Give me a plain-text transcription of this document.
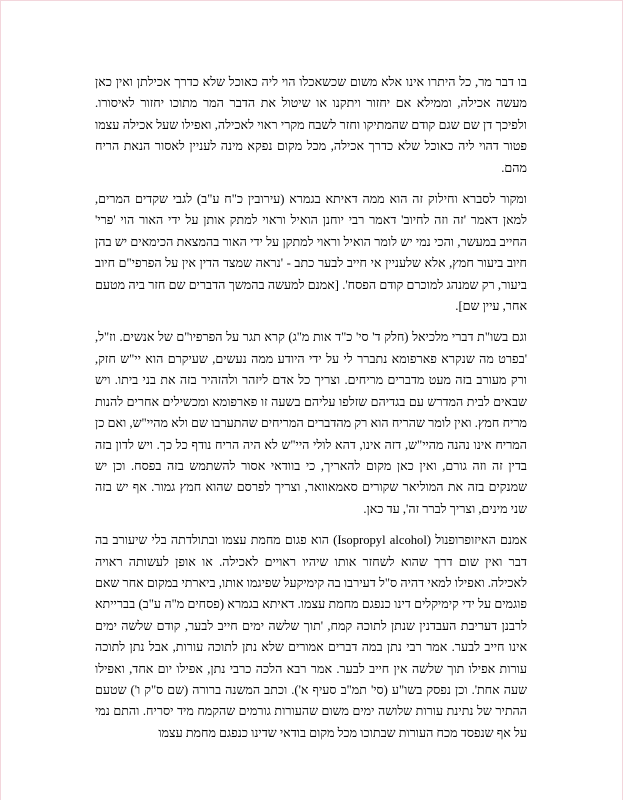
בו דבר מר, כל היתרו אינו אלא משום שכשאכלו הוי ליה כאוכל שלא כדרך אכילתן ואין כאן מעשה אכילה, וממילא אם יחזור ויתקנו או שיטול את הדבר המר מתוכו יחזור לאיסורו. ולפיכך דן שם שגם קודם שהמתיקו וחזר לשבח מקרי ראוי לאכילה, ואפילו שעל אכילה עצמו פטור דהוי ליה כאוכל שלא כדרך אכילה, מכל מקום נפקא מינה לעניין לאסור הנאת הריח מהם.

ומקור לסברא וחילוק זה הוא ממה דאיתא בגמרא (עירובין כ"ח ע"ב) לגבי שקדים המרים, למאן דאמר 'זה וזה לחיוב' דאמר רבי יוחנן הואיל וראוי למתק אותן על ידי האור הוי 'פרי' החייב במעשר, והכי נמי יש לומר הואיל וראוי למתקן על ידי האור בהמצאת הכימאים יש בהן חיוב ביעור חמץ, אלא שלעניין אי חייב לבער כתב - 'נראה שמצד הדין אין על הפרפי"ם חיוב ביעור, רק שמנהג למוכרם קודם הפסח'. [אמנם למעשה בהמשך הדברים שם חזר ביה מטעם אחר, עיין שם].

וגם בשו"ת דברי מלכיאל (חלק ד' סי' כ"ד אות מ"ג) קרא תגר על הפרפיו"ם של אנשים. וז"ל, 'בפרט מה שנקרא פארפומא נתברר לי על ידי היודע ממה נעשים, שעיקרם הוא יי"ש חזק, ורק מעורב בזה מעט מדברים מריחים. וצריך כל אדם ליזהר ולהזהיר בזה את בני ביתו. ויש שבאים לבית המדרש עם בגדיהם שזלפו עליהם בשעה זו פארפומא ומכשילים אחרים להנות מריח חמץ. ואין לומר שהריח הוא רק מהדברים המריחים שהתערבו שם ולא מהיי"ש, ואם כן המריח אינו נהנה מהיי"ש, דזה אינו, דהא לולי היי"ש לא היה הריח נודף כל כך. ויש לדון בזה בדין זה וזה גורם, ואין כאן מקום להאריך, כי בוודאי אסור להשתמש בזה בפסח. וכן יש שמנקים בזה את המוליאר שקורים סאמאוואר, וצריך לפרסם שהוא חמץ גמור. אף יש בזה שני מינים, וצריך לברר זה', עד כאן.

אמנם האיזופרופנול (Isopropyl alcohol) הוא פגום מחמת עצמו ובתולדתה בלי שיעורב בה דבר ואין שום דרך שהוא לשחזר אותו שיהיו ראויים לאכילה. או אופן לעשותה ראויה לאכילה. ואפילו למאי דהיה ס"ל דעירבו בה קימיקעל שפיגמו אותו, ביארתי במקום אחר שאם פוגמים על ידי קימיקלים דינו כנפגם מחמת עצמו. דאיתא בגמרא (פסחים מ"ה ע"ב) בברייתא לרבנן דעריבת העבדנין שנתן לתוכה קמח, 'תוך שלשה ימים חייב לבער, קודם שלשה ימים אינו חייב לבער. אמר רבי נתן במה דברים אמורים שלא נתן לתוכה עורות, אבל נתן לתוכה עורות אפילו תוך שלשה אין חייב לבער. אמר רבא הלכה כרבי נתן, אפילו יום אחד, ואפילו שעה אחת'. וכן נפסק בשו"ע (סי' תמ"ב סעיף א'). וכתב המשנה ברורה (שם ס"ק ו') שטעם ההתיר של נתינת עורות שלושה ימים משום שהעורות גורמים שהקמח מיד יסריח. והתם נמי על אף שנפסד מכח העורות שבתוכו מכל מקום בודאי שדינו כנפגם מחמת עצמו
